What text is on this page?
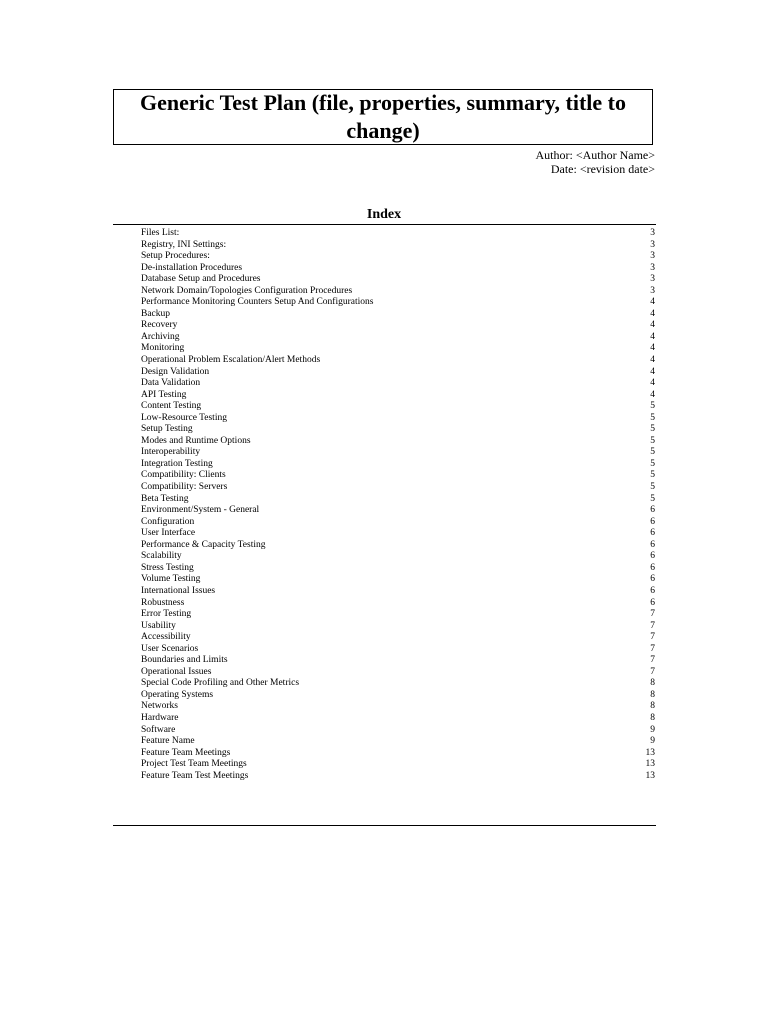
Generic Test Plan (file, properties, summary, title to change)
Author: <Author Name>
Date: <revision date>
Index
Files List:	3
Registry, INI Settings:	3
Setup Procedures:	3
De-installation Procedures	3
Database Setup and Procedures	3
Network Domain/Topologies Configuration Procedures	3
Performance Monitoring Counters Setup And Configurations	4
Backup	4
Recovery	4
Archiving	4
Monitoring	4
Operational Problem Escalation/Alert Methods	4
Design Validation	4
Data Validation	4
API Testing	4
Content Testing	5
Low-Resource Testing	5
Setup Testing	5
Modes and Runtime Options	5
Interoperability	5
Integration Testing	5
Compatibility: Clients	5
Compatibility: Servers	5
Beta Testing	5
Environment/System - General	6
Configuration	6
User Interface	6
Performance & Capacity Testing	6
Scalability	6
Stress Testing	6
Volume Testing	6
International Issues	6
Robustness	6
Error Testing	7
Usability	7
Accessibility	7
User Scenarios	7
Boundaries and Limits	7
Operational Issues	7
Special Code Profiling and Other Metrics	8
Operating Systems	8
Networks	8
Hardware	8
Software	9
Feature Name	9
Feature Team Meetings	13
Project Test Team Meetings	13
Feature Team Test Meetings	13
